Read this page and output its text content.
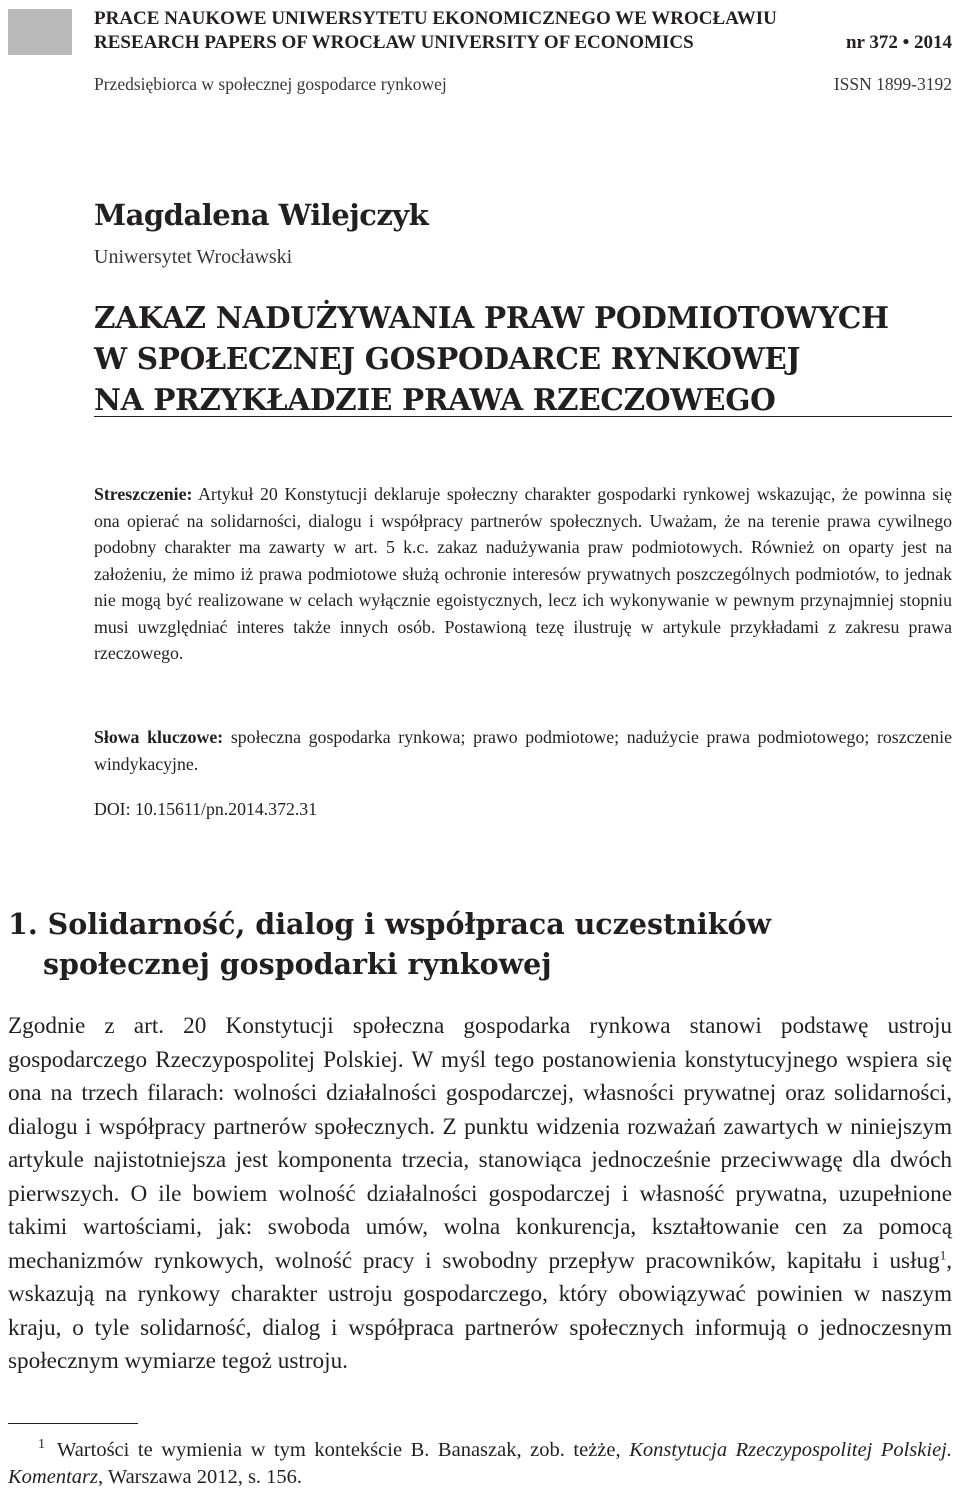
PRACE NAUKOWE UNIWERSYTETU EKONOMICZNEGO WE WROCŁAWIU
RESEARCH PAPERS OF WROCŁAW UNIVERSITY OF ECONOMICS	nr 372 • 2014
Przedsiębiorca w społecznej gospodarce rynkowej	ISSN 1899-3192
Magdalena Wilejczyk
Uniwersytet Wrocławski
ZAKAZ NADUŻYWANIA PRAW PODMIOTOWYCH
W SPOŁECZNEJ GOSPODARCE RYNKOWEJ
NA PRZYKŁADZIE PRAWA RZECZOWEGO
Streszczenie: Artykuł 20 Konstytucji deklaruje społeczny charakter gospodarki rynkowej wskazując, że powinna się ona opierać na solidarności, dialogu i współpracy partnerów społecznych. Uważam, że na terenie prawa cywilnego podobny charakter ma zawarty w art. 5 k.c. zakaz nadużywania praw podmiotowych. Również on oparty jest na założeniu, że mimo iż prawa podmiotowe służą ochronie interesów prywatnych poszczególnych podmiotów, to jednak nie mogą być realizowane w celach wyłącznie egoistycznych, lecz ich wykonywanie w pewnym przynajmniej stopniu musi uwzględniać interes także innych osób. Postawioną tezę ilustruję w artykule przykładami z zakresu prawa rzeczowego.
Słowa kluczowe: społeczna gospodarka rynkowa; prawo podmiotowe; nadużycie prawa podmiotowego; roszczenie windykacyjne.
DOI: 10.15611/pn.2014.372.31
1. Solidarność, dialog i współpraca uczestników
społecznej gospodarki rynkowej
Zgodnie z art. 20 Konstytucji społeczna gospodarka rynkowa stanowi podstawę ustroju gospodarczego Rzeczypospolitej Polskiej. W myśl tego postanowienia konstytucyjnego wspiera się ona na trzech filarach: wolności działalności gospodarczej, własności prywatnej oraz solidarności, dialogu i współpracy partnerów społecznych. Z punktu widzenia rozważań zawartych w niniejszym artykule najistotniejsza jest komponenta trzecia, stanowiąca jednocześnie przeciwwagę dla dwóch pierwszych. O ile bowiem wolność działalności gospodarczej i własność prywatna, uzupełnione takimi wartościami, jak: swoboda umów, wolna konkurencja, kształtowanie cen za pomocą mechanizmów rynkowych, wolność pracy i swobodny przepływ pracowników, kapitału i usług$^1$, wskazują na rynkowy charakter ustroju gospodarczego, który obowiązywać powinien w naszym kraju, o tyle solidarność, dialog i współpraca partnerów społecznych informują o jednoczesnym społecznym wymiarze tegoż ustroju.
$^1$ Wartości te wymienia w tym kontekście B. Banaszak, zob. teżże, Konstytucja Rzeczypospolitej Polskiej. Komentarz, Warszawa 2012, s. 156.
